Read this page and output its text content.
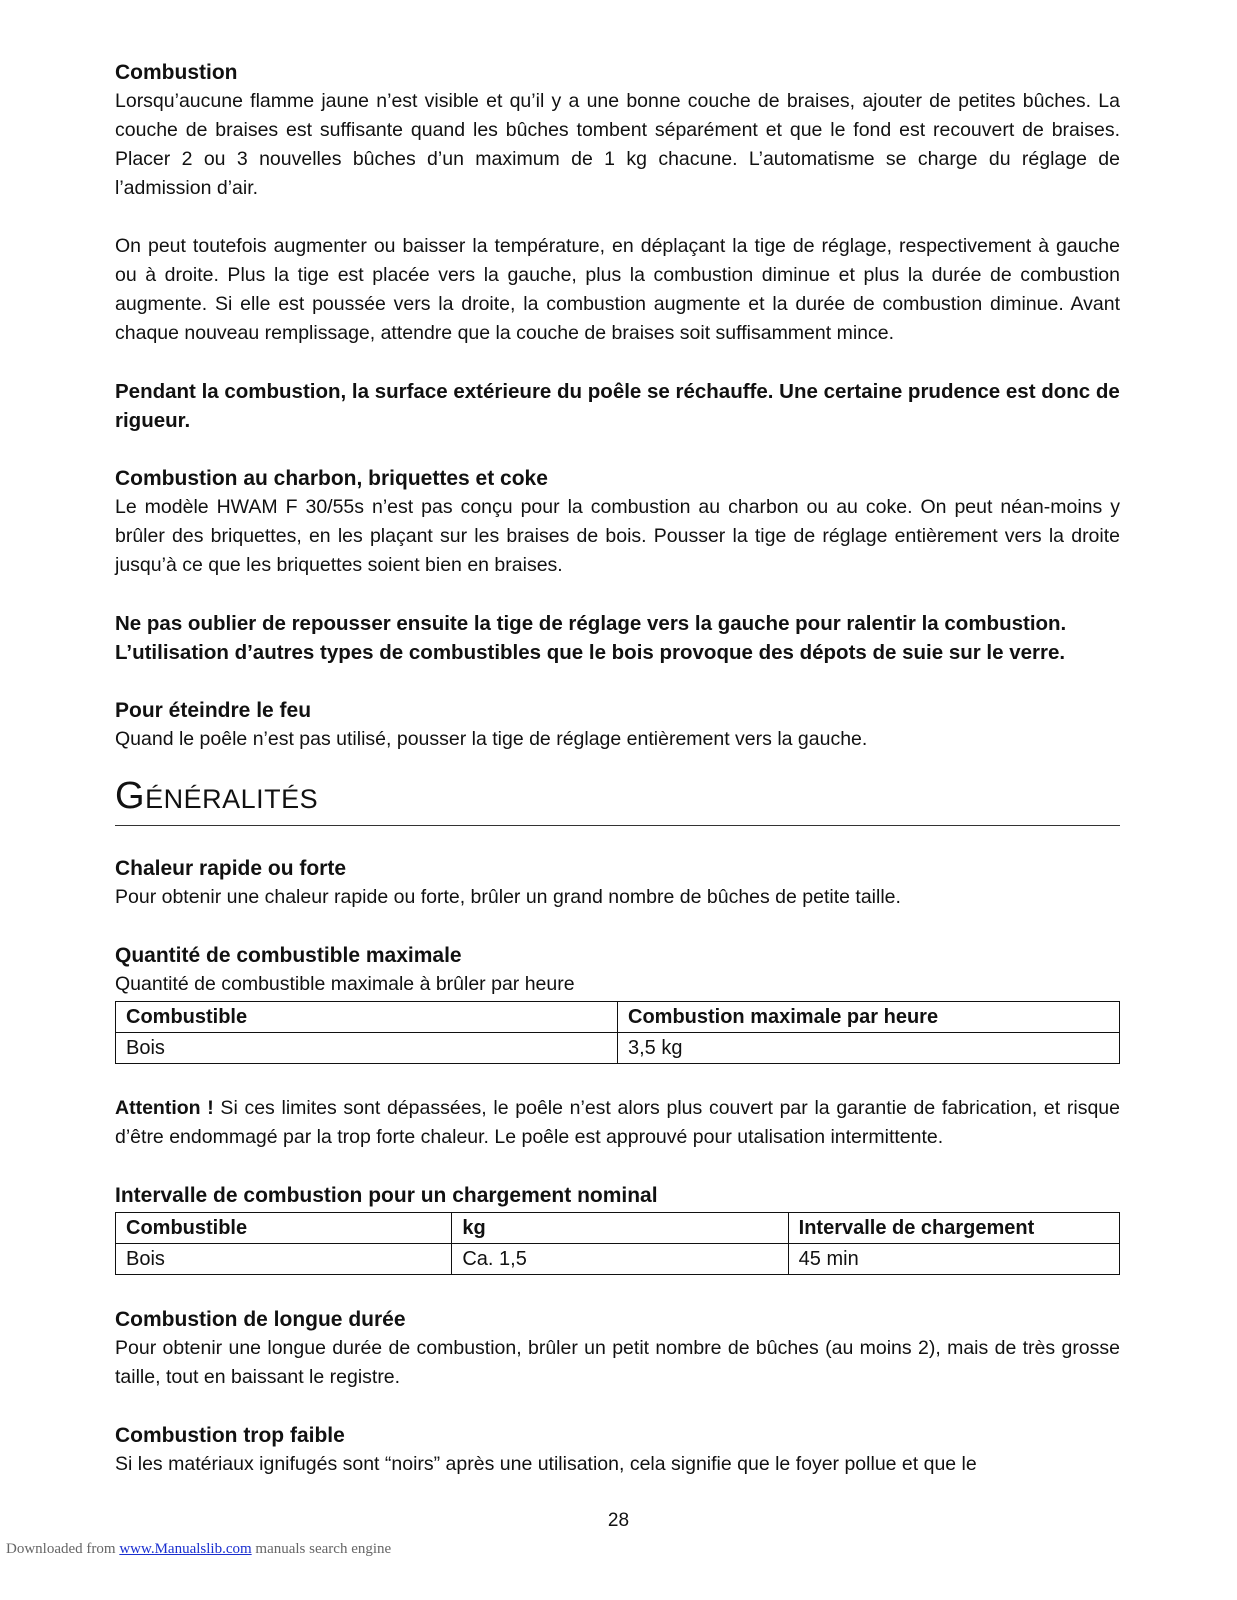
Combustion

Lorsqu’aucune flamme jaune n’est visible et qu’il y a une bonne couche de braises, ajouter de petites bûches. La couche de braises est suffisante quand les bûches tombent séparément et que le fond est recouvert de braises. Placer 2 ou 3 nouvelles bûches d’un maximum de 1 kg chacune. L’automatisme se charge du réglage de l’admission d’air.

On peut toutefois augmenter ou baisser la température, en déplaçant la tige de réglage, respectivement à gauche ou à droite. Plus la tige est placée vers la gauche, plus la combustion diminue et plus la durée de combustion augmente. Si elle est poussée vers la droite, la combustion augmente et la durée de combustion diminue. Avant chaque nouveau remplissage, attendre que la couche de braises soit suffisamment mince.

Pendant la combustion, la surface extérieure du poêle se réchauffe. Une certaine prudence est donc de rigueur.

Combustion au charbon, briquettes et coke

Le modèle HWAM F 30/55s n’est pas conçu pour la combustion au charbon ou au coke. On peut néan-moins y brûler des briquettes, en les plaçant sur les braises de bois. Pousser la tige de réglage entièrement vers la droite jusqu’à ce que les briquettes soient bien en braises.

Ne pas oublier de repousser ensuite la tige de réglage vers la gauche pour ralentir la combustion. L’utilisation d’autres types de combustibles que le bois provoque des dépots de suie sur le verre.

Pour éteindre le feu

Quand le poêle n’est pas utilisé, pousser la tige de réglage entièrement vers la gauche.

GÉNÉRALITÉS
Chaleur rapide ou forte

Pour obtenir une chaleur rapide ou forte, brûler un grand nombre de bûches de petite taille.

Quantité de combustible maximale

Quantité de combustible maximale à brûler par heure

Combustible	Combustion maximale par heure
Bois	3,5 kg

Attention ! Si ces limites sont dépassées, le poêle n’est alors plus couvert par la garantie de fabrication, et risque d’être endommagé par la trop forte chaleur. Le poêle est approuvé pour utalisation intermittente.

Intervalle de combustion pour un chargement nominal
Combustible	kg	Intervalle de chargement
Bois	Ca. 1,5	45 min
Combustion de longue durée

Pour obtenir une longue durée de combustion, brûler un petit nombre de bûches (au moins 2), mais de très grosse taille, tout en baissant le registre.

Combustion trop faible

Si les matériaux ignifugés sont “noirs” après une utilisation, cela signifie que le foyer pollue et que le

28
Downloaded from www.Manualslib.com manuals search engine
